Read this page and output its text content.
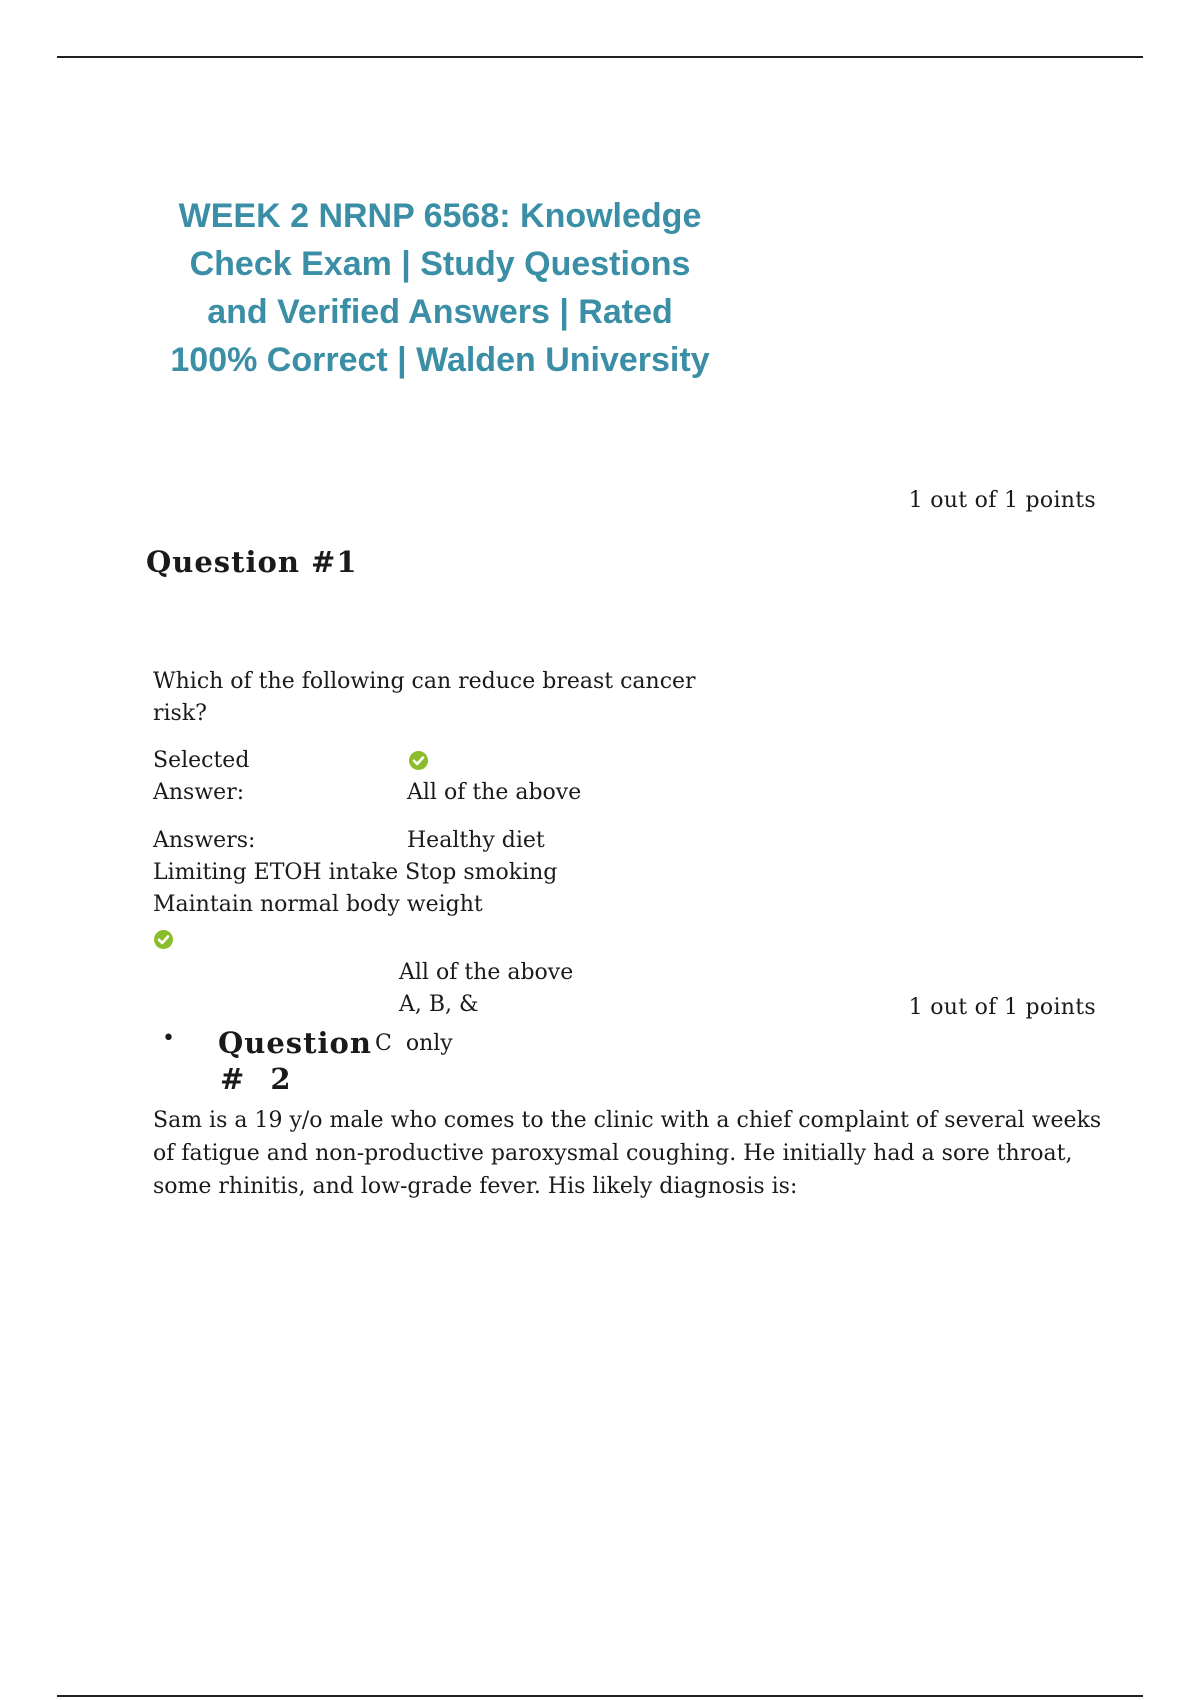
WEEK 2 NRNP 6568: Knowledge
Check Exam | Study Questions
and Verified Answers | Rated
100% Correct | Walden University
1 out of 1 points
Question #1

Which of the following can reduce breast cancer risk?

Selected
Answer:	All of the above
Answers:	Healthy diet
Limiting ETOH intake Stop smoking
Maintain normal body weight
All of the above
A, B, &
C  only
1 out of 1 points
• Question
# 2

Sam is a 19 y/o male who comes to the clinic with a chief complaint of several weeks of fatigue and non-productive paroxysmal coughing. He initially had a sore throat, some rhinitis, and low-grade fever. His likely diagnosis is:
